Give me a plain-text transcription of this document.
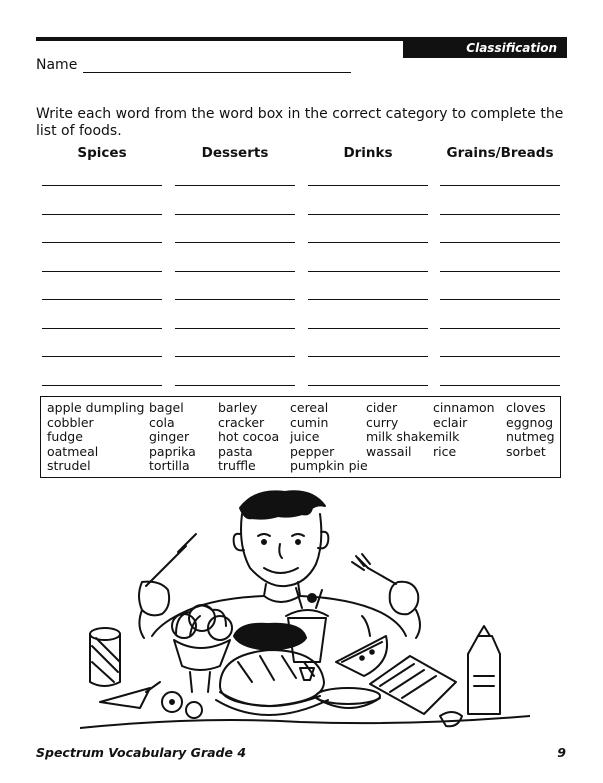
Classification
Name
Write each word from the word box in the correct category to complete the list of foods.
Spices	Desserts	Drinks	Grains/Breads
apple dumpling
cobbler
fudge
oatmeal
strudel
bagel
cola
ginger
paprika
tortilla
barley
cracker
hot cocoa
pasta
truffle
cereal
cumin
juice
pepper
pumpkin pie
cider
curry
milk shake
wassail
cinnamon
eclair
milk
rice
cloves
eggnog
nutmeg
sorbet
Spectrum Vocabulary Grade 4	9
